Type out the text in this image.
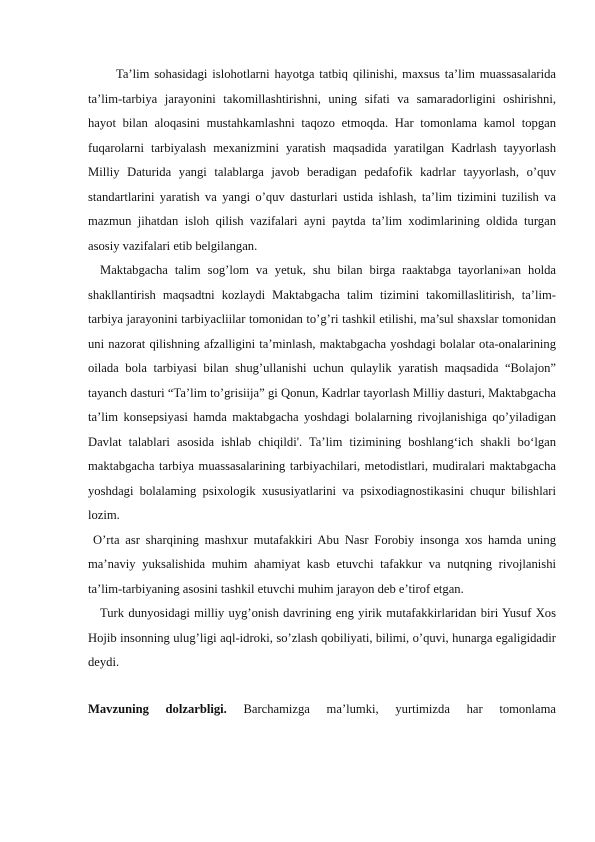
Ta’lim sohasidagi islohotlarni hayotga tatbiq qilinishi, maxsus ta’lim muassasalarida ta’lim-tarbiya jarayonini takomillashtirishni, uning sifati va samaradorligini oshirishni, hayot bilan aloqasini mustahkamlashni taqozo etmoqda. Har tomonlama kamol topgan fuqarolarni tarbiyalash mexanizmini yaratish maqsadida yaratilgan Kadrlash tayyorlash Milliy Daturida yangi talablarga javob beradigan pedafofik kadrlar tayyorlash, o’quv standartlarini yaratish va yangi o’quv dasturlari ustida ishlash, ta’lim tizimini tuzilish va mazmun jihatdan isloh qilish vazifalari ayni paytda ta’lim xodimlarining oldida turgan asosiy vazifalari etib belgilangan.

Maktabgacha talim sog’lom va yetuk, shu bilan birga raaktabga tayorlani»an holda shakllantirish maqsadtni kozlaydi Maktabgacha talim tizimini takomillaslitirish, ta’lim-tarbiya jarayonini tarbiyacliilar tomonidan to’g’ri tashkil etilishi, ma’sul shaxslar tomonidan uni nazorat qilishning afzalligini ta’minlash, maktabgacha yoshdagi bolalar ota-onalarining oilada bola tarbiyasi bilan shug’ullanishi uchun qulaylik yaratish maqsadida “Bolajon” tayanch dasturi “Ta’lim to’grisiija” gi Qonun, Kadrlar tayorlash Milliy dasturi, Maktabgacha ta’lim konsepsiyasi hamda maktabgacha yoshdagi bolalarning rivojlanishiga qo’yiladigan Davlat talablari asosida ishlab chiqildi'. Ta’lim tizimining boshlang‘ich shakli bo‘lgan maktabgacha tarbiya muassasalarining tarbiyachilari, metodistlari, mudiralari maktabgacha yoshdagi bolalaming psixologik xususiyatlarini va psixodiagnostikasini chuqur bilishlari lozim.

O’rta asr sharqining mashxur mutafakkiri Abu Nasr Forobiy insonga xos hamda uning ma’naviy yuksalishida muhim ahamiyat kasb etuvchi tafakkur va nutqning rivojlanishi ta’lim-tarbiyaning asosini tashkil etuvchi muhim jarayon deb e’tirof etgan.

Turk dunyosidagi milliy uyg’onish davrining eng yirik mutafakkirlaridan biri Yusuf Xos Hojib insonning ulug’ligi aql-idroki, so’zlash qobiliyati, bilimi, o’quvi, hunarga egaligidadir deydi.

Mavzuning dolzarbligi. Barchamizga ma’lumki, yurtimizda har tomonlama
